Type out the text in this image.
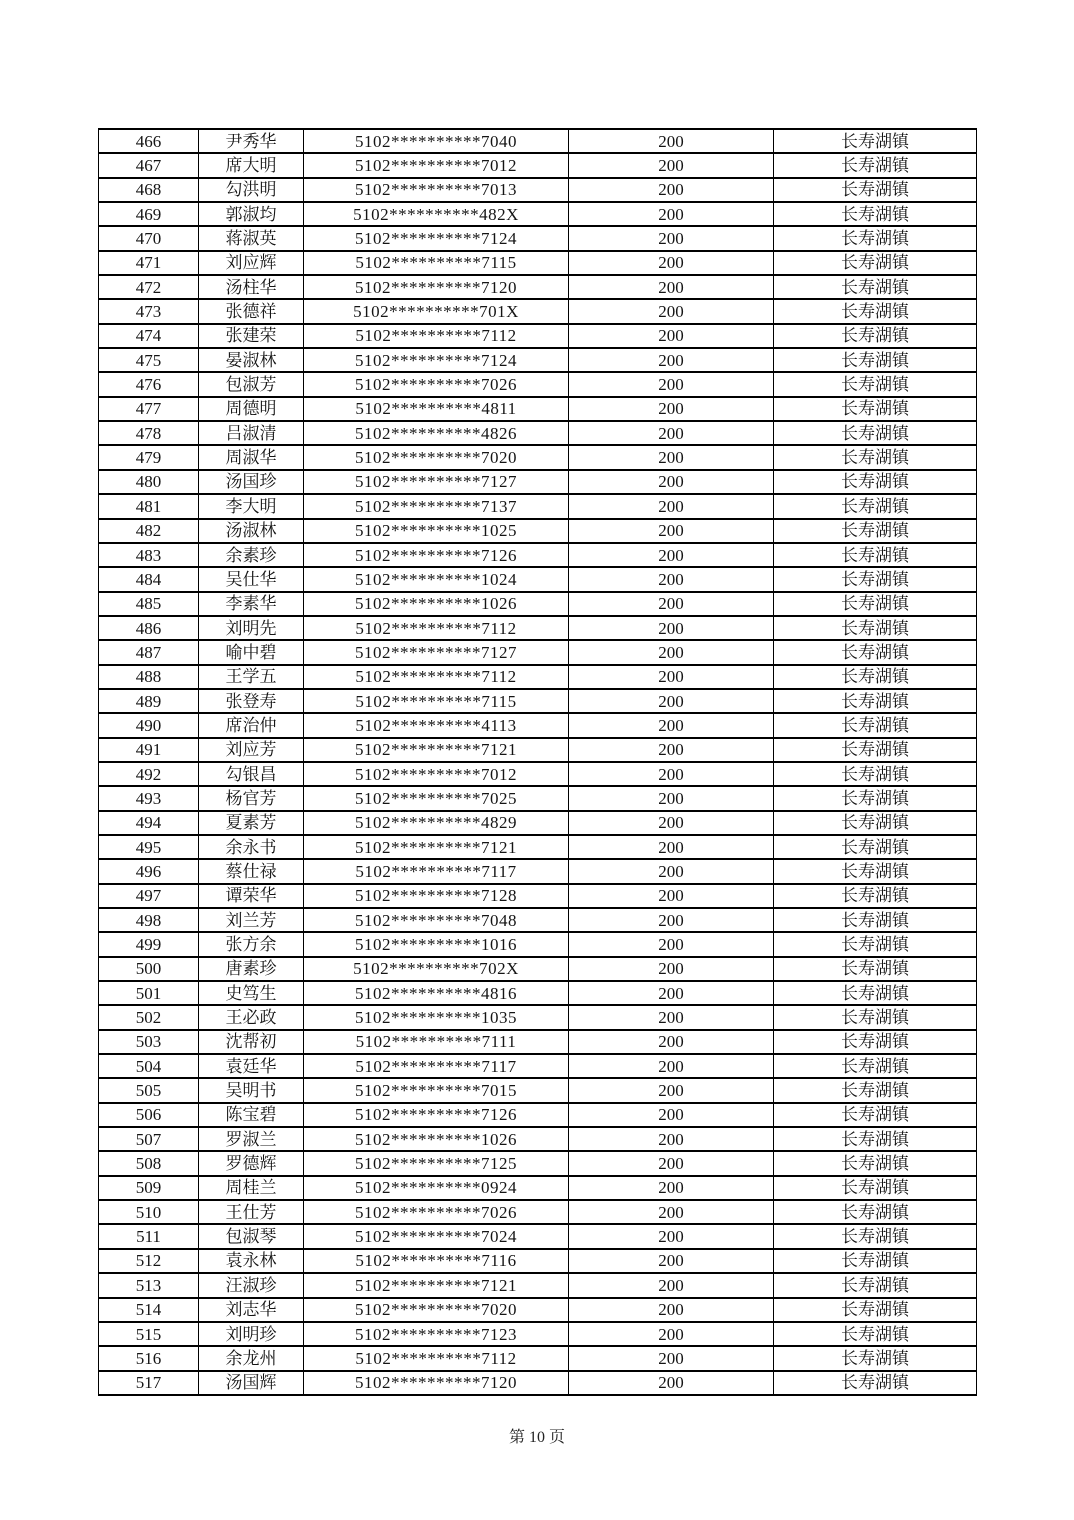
466	尹秀华	5102**********7040	200	长寿湖镇
467	席大明	5102**********7012	200	长寿湖镇
468	勾洪明	5102**********7013	200	长寿湖镇
469	郭淑均	5102**********482X	200	长寿湖镇
470	蒋淑英	5102**********7124	200	长寿湖镇
471	刘应辉	5102**********7115	200	长寿湖镇
472	汤柱华	5102**********7120	200	长寿湖镇
473	张德祥	5102**********701X	200	长寿湖镇
474	张建荣	5102**********7112	200	长寿湖镇
475	晏淑林	5102**********7124	200	长寿湖镇
476	包淑芳	5102**********7026	200	长寿湖镇
477	周德明	5102**********4811	200	长寿湖镇
478	吕淑清	5102**********4826	200	长寿湖镇
479	周淑华	5102**********7020	200	长寿湖镇
480	汤国珍	5102**********7127	200	长寿湖镇
481	李大明	5102**********7137	200	长寿湖镇
482	汤淑林	5102**********1025	200	长寿湖镇
483	余素珍	5102**********7126	200	长寿湖镇
484	吴仕华	5102**********1024	200	长寿湖镇
485	李素华	5102**********1026	200	长寿湖镇
486	刘明先	5102**********7112	200	长寿湖镇
487	喻中碧	5102**********7127	200	长寿湖镇
488	王学五	5102**********7112	200	长寿湖镇
489	张登寿	5102**********7115	200	长寿湖镇
490	席治仲	5102**********4113	200	长寿湖镇
491	刘应芳	5102**********7121	200	长寿湖镇
492	勾银昌	5102**********7012	200	长寿湖镇
493	杨官芳	5102**********7025	200	长寿湖镇
494	夏素芳	5102**********4829	200	长寿湖镇
495	余永书	5102**********7121	200	长寿湖镇
496	蔡仕禄	5102**********7117	200	长寿湖镇
497	谭荣华	5102**********7128	200	长寿湖镇
498	刘兰芳	5102**********7048	200	长寿湖镇
499	张方余	5102**********1016	200	长寿湖镇
500	唐素珍	5102**********702X	200	长寿湖镇
501	史笃生	5102**********4816	200	长寿湖镇
502	王必政	5102**********1035	200	长寿湖镇
503	沈帮初	5102**********7111	200	长寿湖镇
504	袁廷华	5102**********7117	200	长寿湖镇
505	吴明书	5102**********7015	200	长寿湖镇
506	陈宝碧	5102**********7126	200	长寿湖镇
507	罗淑兰	5102**********1026	200	长寿湖镇
508	罗德辉	5102**********7125	200	长寿湖镇
509	周桂兰	5102**********0924	200	长寿湖镇
510	王仕芳	5102**********7026	200	长寿湖镇
511	包淑琴	5102**********7024	200	长寿湖镇
512	袁永林	5102**********7116	200	长寿湖镇
513	汪淑珍	5102**********7121	200	长寿湖镇
514	刘志华	5102**********7020	200	长寿湖镇
515	刘明珍	5102**********7123	200	长寿湖镇
516	余龙州	5102**********7112	200	长寿湖镇
517	汤国辉	5102**********7120	200	长寿湖镇
第 10 页
